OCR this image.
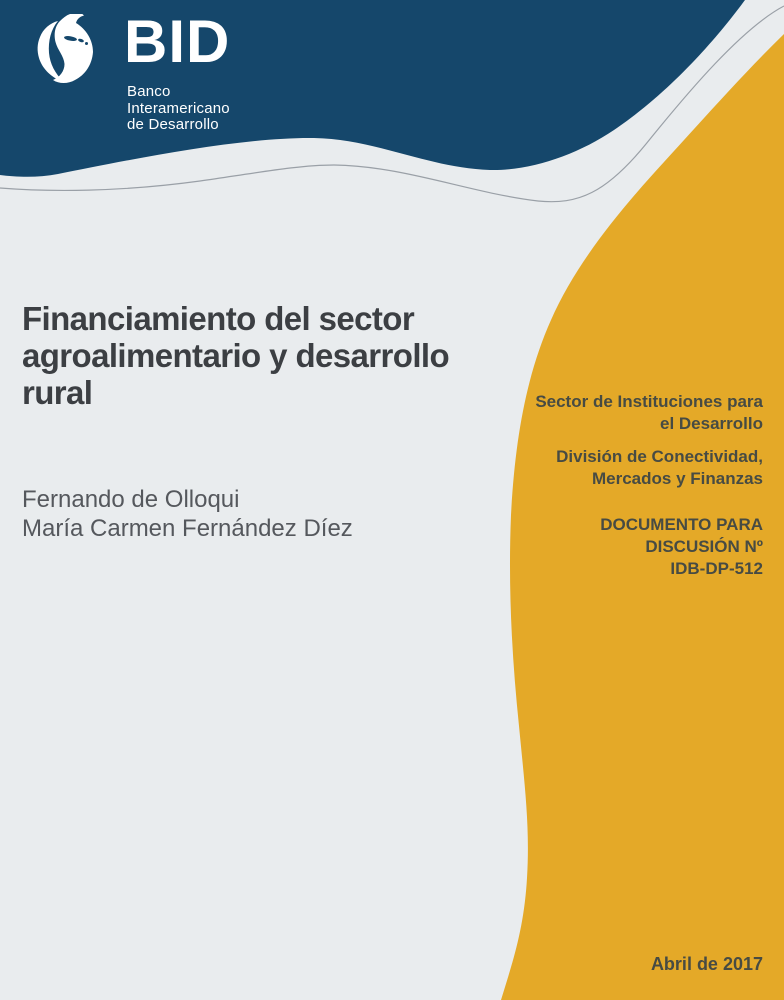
BID
Banco Interamericano
de Desarrollo
Financiamiento del sector
agroalimentario y desarrollo
rural
Fernando de Olloqui
María Carmen Fernández Díez
Sector de Instituciones para
el Desarrollo
División de Conectividad,
Mercados y Finanzas
DOCUMENTO PARA
DISCUSIÓN Nº
IDB-DP-512
Abril de 2017
